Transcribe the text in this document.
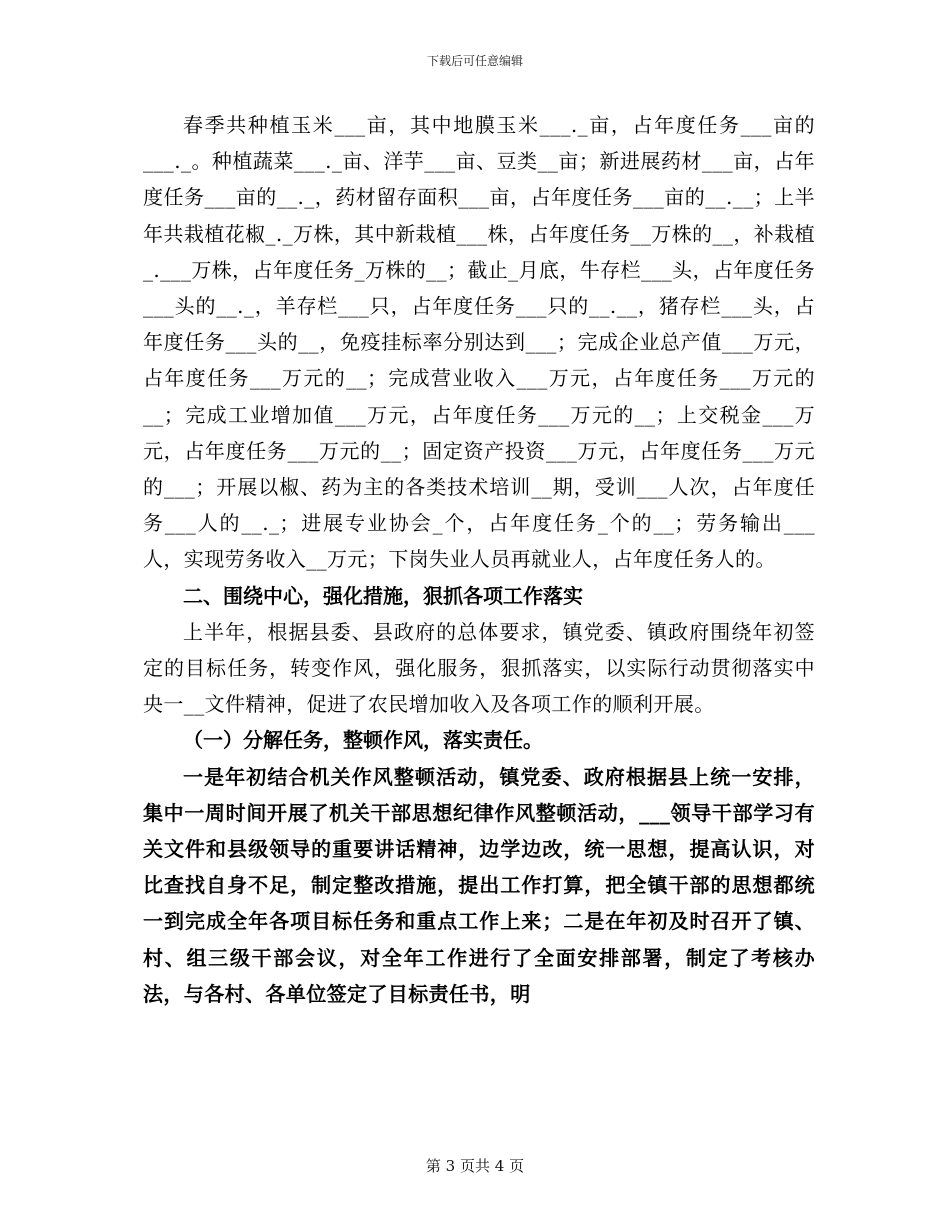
下载后可任意编辑

春季共种植玉米___亩，其中地膜玉米___._亩，占年度任务___亩的___._。种植蔬菜___._亩、洋芋___亩、豆类__亩；新进展药材___亩，占年度任务___亩的__._，药材留存面积___亩，占年度任务___亩的__.__；上半年共栽植花椒_._万株，其中新栽植___株，占年度任务__万株的__，补栽植_.___万株，占年度任务_万株的__；截止_月底，牛存栏___头，占年度任务___头的__._，羊存栏___只，占年度任务___只的__.__，猪存栏___头，占年度任务___头的__，免疫挂标率分别达到___；完成企业总产值___万元，占年度任务___万元的__；完成营业收入___万元，占年度任务___万元的__；完成工业增加值___万元，占年度任务___万元的__；上交税金___万元，占年度任务___万元的__；固定资产投资___万元，占年度任务___万元的___；开展以椒、药为主的各类技术培训__期，受训___人次，占年度任务___人的__._；进展专业协会_个，占年度任务_个的__；劳务输出___人，实现劳务收入__万元；下岗失业人员再就业人，占年度任务人的。

二、围绕中心，强化措施，狠抓各项工作落实

上半年，根据县委、县政府的总体要求，镇党委、镇政府围绕年初签定的目标任务，转变作风，强化服务，狠抓落实，以实际行动贯彻落实中央一__文件精神，促进了农民增加收入及各项工作的顺利开展。

（一）分解任务，整顿作风，落实责任。

一是年初结合机关作风整顿活动，镇党委、政府根据县上统一安排，集中一周时间开展了机关干部思想纪律作风整顿活动，___领导干部学习有关文件和县级领导的重要讲话精神，边学边改，统一思想，提高认识，对比查找自身不足，制定整改措施，提出工作打算，把全镇干部的思想都统一到完成全年各项目标任务和重点工作上来；二是在年初及时召开了镇、村、组三级干部会议，对全年工作进行了全面安排部署，制定了考核办法，与各村、各单位签定了目标责任书，明

第 3 页共 4 页
